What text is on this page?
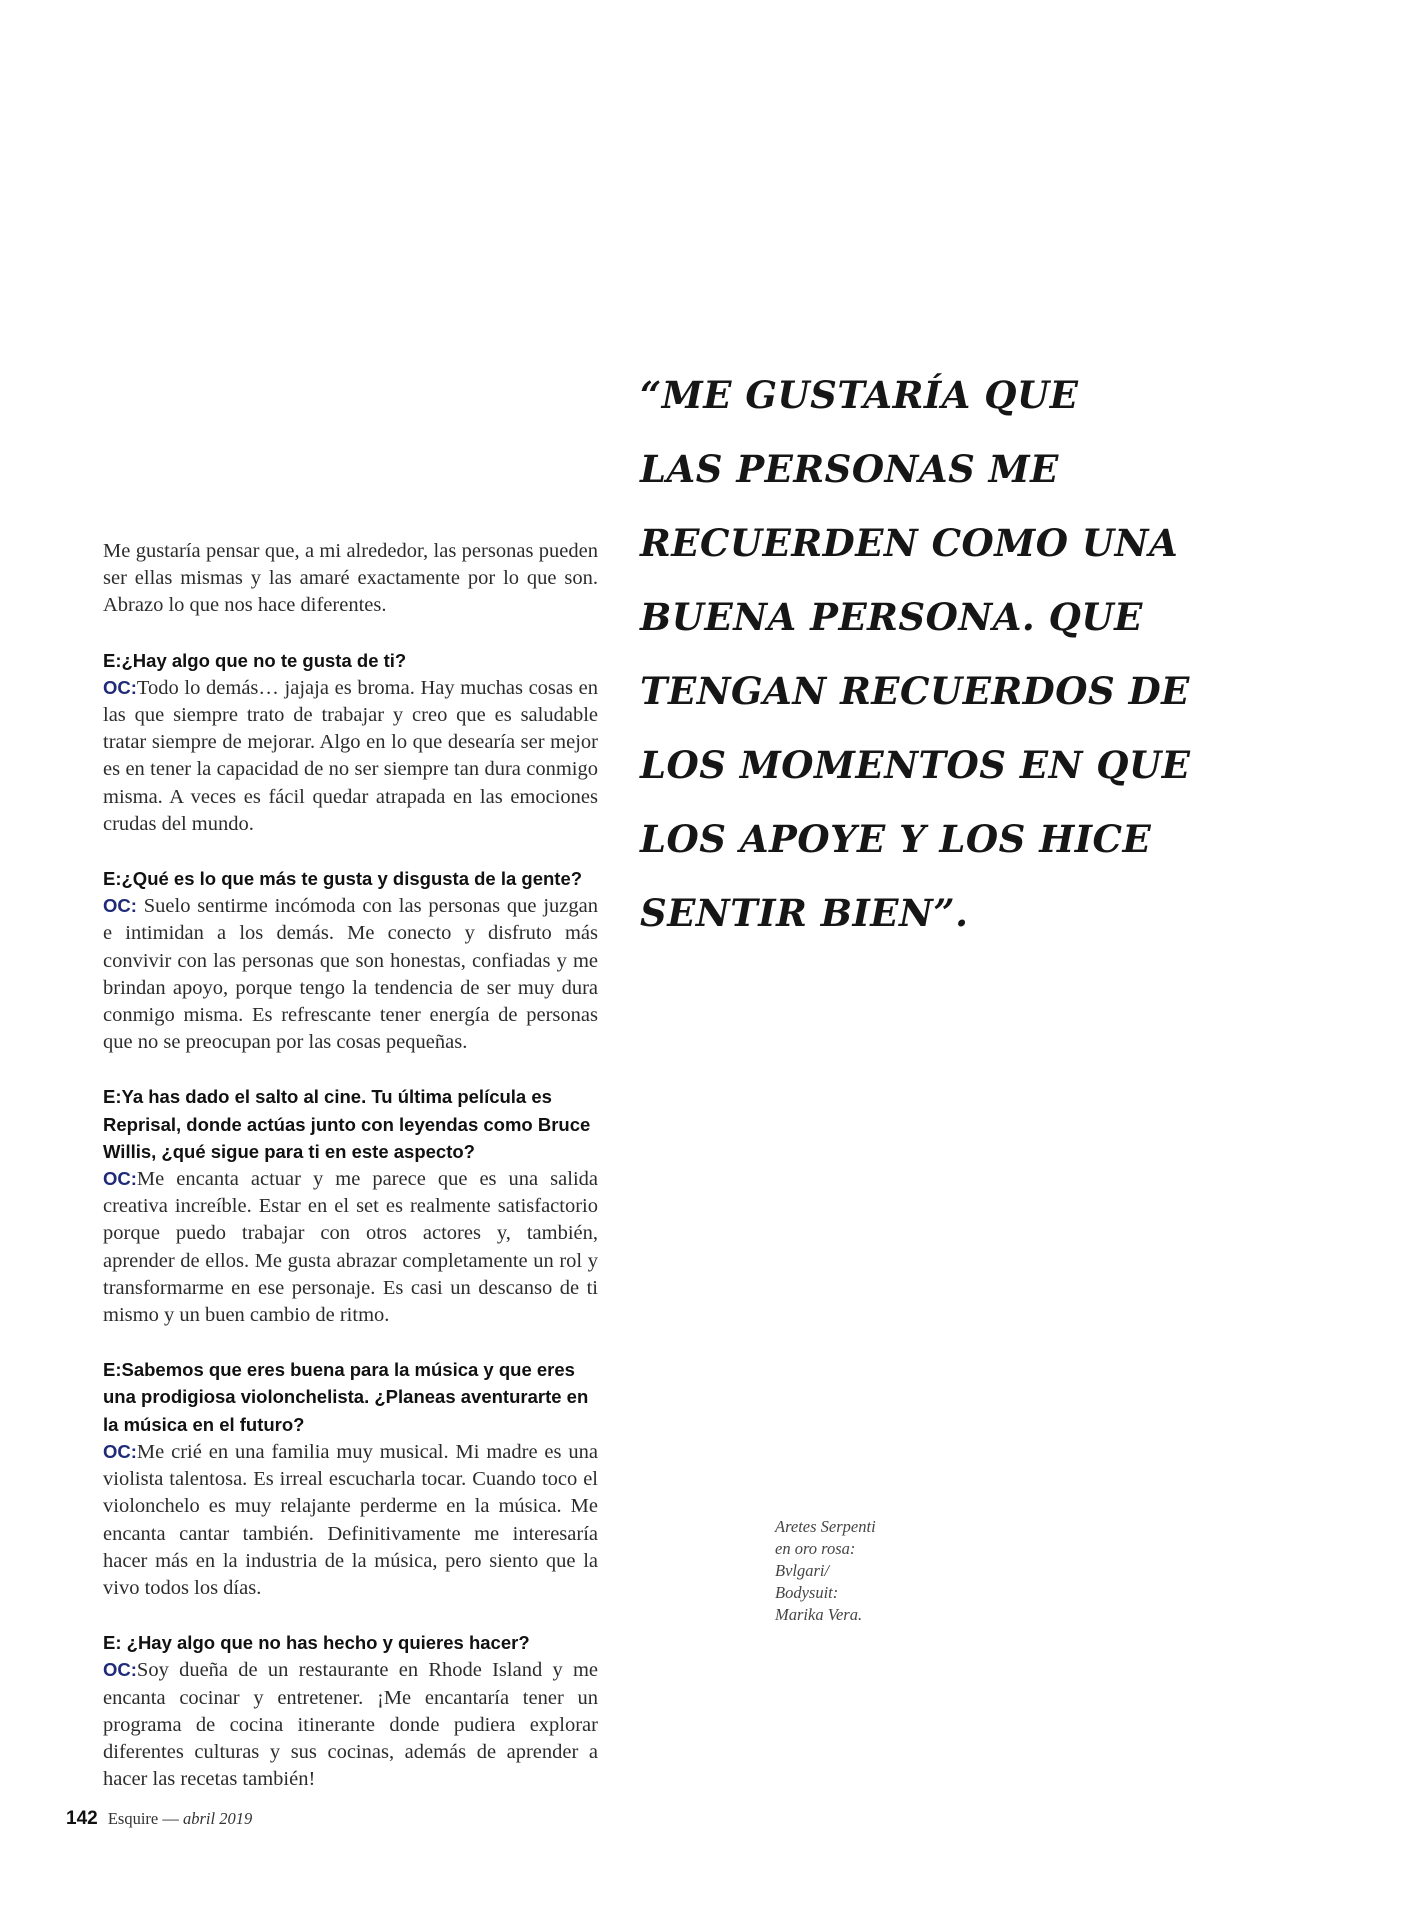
Me gustaría pensar que, a mi alrededor, las personas pueden ser ellas mismas y las amaré exactamente por lo que son. Abrazo lo que nos hace diferentes.

E:¿Hay algo que no te gusta de ti?

OC:Todo lo demás… jajaja es broma. Hay muchas cosas en las que siempre trato de trabajar y creo que es saludable tratar siempre de mejorar. Algo en lo que desearía ser mejor es en tener la capacidad de no ser siempre tan dura conmigo misma. A veces es fácil quedar atrapada en las emociones crudas del mundo.

E:¿Qué es lo que más te gusta y disgusta de la gente?

OC: Suelo sentirme incómoda con las personas que juzgan e intimidan a los demás. Me conecto y disfruto más convivir con las personas que son honestas, confiadas y me brindan apoyo, porque tengo la tendencia de ser muy dura conmigo misma. Es refrescante tener energía de personas que no se preocupan por las cosas pequeñas.

E:Ya has dado el salto al cine. Tu última película es Reprisal, donde actúas junto con leyendas como Bruce Willis, ¿qué sigue para ti en este aspecto?

OC:Me encanta actuar y me parece que es una salida creativa increíble. Estar en el set es realmente satisfactorio porque puedo trabajar con otros actores y, también, aprender de ellos. Me gusta abrazar completamente un rol y transformarme en ese personaje. Es casi un descanso de ti mismo y un buen cambio de ritmo.

E:Sabemos que eres buena para la música y que eres una prodigiosa violonchelista. ¿Planeas aventurarte en la música en el futuro?

OC:Me crié en una familia muy musical. Mi madre es una violista talentosa. Es irreal escucharla tocar. Cuando toco el violonchelo es muy relajante perderme en la música. Me encanta cantar también. Definitivamente me interesaría hacer más en la industria de la música, pero siento que la vivo todos los días.

E: ¿Hay algo que no has hecho y quieres hacer?

OC:Soy dueña de un restaurante en Rhode Island y me encanta cocinar y entretener. ¡Me encantaría tener un programa de cocina itinerante donde pudiera explorar diferentes culturas y sus cocinas, además de aprender a hacer las recetas también!

“ME GUSTARÍA QUE
LAS PERSONAS ME
RECUERDEN COMO UNA
BUENA PERSONA. QUE
TENGAN RECUERDOS DE
LOS MOMENTOS EN QUE
LOS APOYE Y LOS HICE
SENTIR BIEN”.
Aretes Serpenti
en oro rosa:
Bvlgari/
Bodysuit:
Marika Vera.
142 Esquire — abril 2019
